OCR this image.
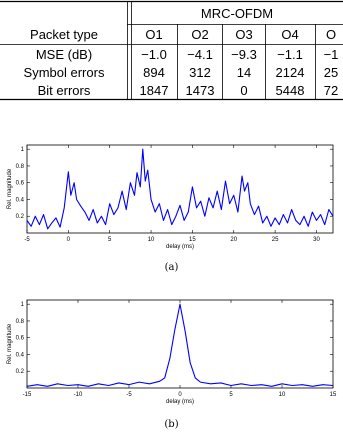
MRC-OFDM
Packet type	O1 O2 O3 O4 O
MSE (dB)	−1.0 −4.1 −9.3 −1.1 −1
Symbol errors	894 312 14 2124 25
Bit errors	1847 1473 0 5448 72
-5	0	5	10	15	20	25	30
0.2
0.4
0.6
0.8
1
delay (ms)
Rel. magnitude
(a)
-15	-10	-5	0	5	10	15
0.2
0.4
0.6
0.8
1
delay (ms)
Rel. magnitude
(b)
